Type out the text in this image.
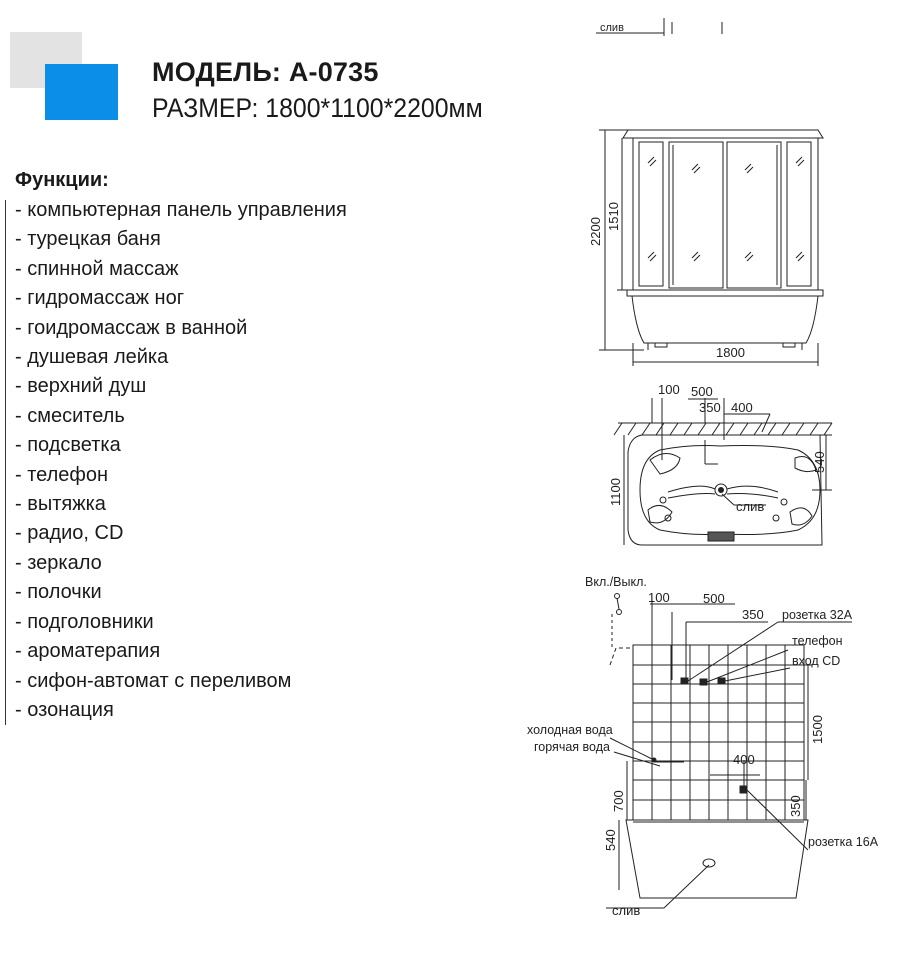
МОДЕЛЬ: А-0735
РАЗМЕР: 1800*1100*2200мм
Функции:
- компьютерная панель управления
- турецкая баня
- спинной массаж
- гидромассаж ног
- гоидромассаж в ванной
- душевая лейка
- верхний душ
- смеситель
- подсветка
- телефон
- вытяжка
- радио, CD
- зеркало
- полочки
- подголовники
- ароматерапия
- сифон-автомат с переливом
- озонация
слив
2200
1510
1800
100 500
350 400
540
1100
слив
Вкл./Выкл.
100	500
350 розетка 32А
телефон
вход CD
холодная вода
горячая вода
1500
400
700	350
розетка 16А
540
слив
